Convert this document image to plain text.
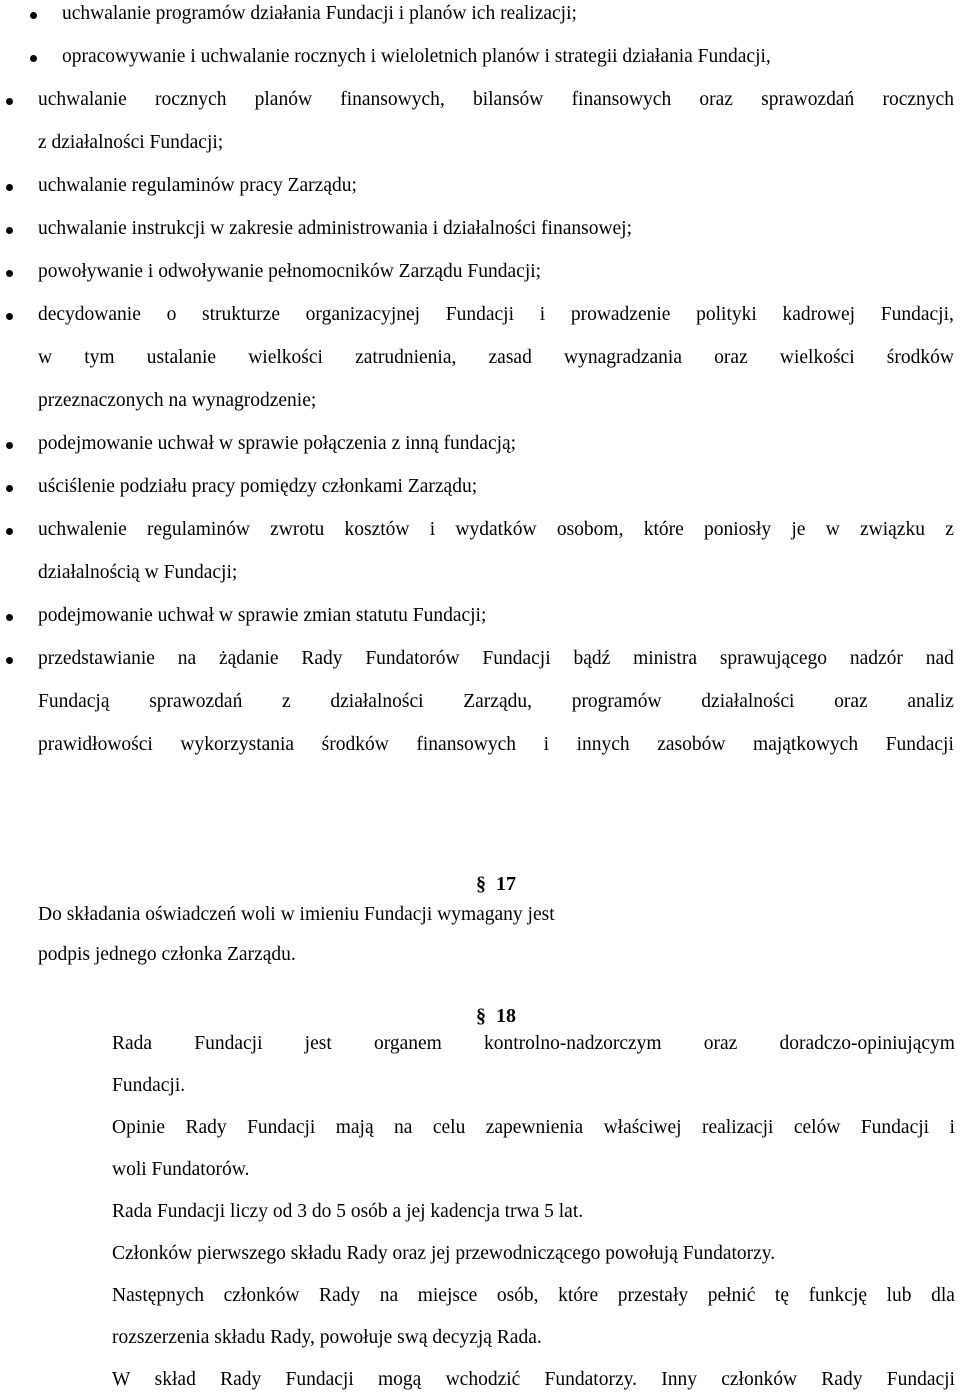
uchwalanie programów działania Fundacji i planów ich realizacji;
opracowywanie i uchwalanie rocznych i wieloletnich planów i strategii działania Fundacji,
uchwalanie rocznych planów finansowych, bilansów finansowych oraz sprawozdań rocznych
z działalności Fundacji;
uchwalanie regulaminów pracy Zarządu;
uchwalanie instrukcji w zakresie administrowania i działalności finansowej;
powoływanie i odwoływanie pełnomocników Zarządu Fundacji;
decydowanie o strukturze organizacyjnej Fundacji i prowadzenie polityki kadrowej Fundacji,
w tym ustalanie wielkości zatrudnienia, zasad wynagradzania oraz wielkości środków
przeznaczonych na wynagrodzenie;
podejmowanie uchwał w sprawie połączenia z inną fundacją;
uściślenie podziału pracy pomiędzy członkami Zarządu;
uchwalenie regulaminów zwrotu kosztów i wydatków osobom, które poniosły je w związku z
działalnością w Fundacji;
podejmowanie uchwał w sprawie zmian statutu Fundacji;
przedstawianie na żądanie Rady Fundatorów Fundacji bądź ministra sprawującego nadzór nad
Fundacją sprawozdań z działalności Zarządu, programów działalności oraz analiz
prawidłowości wykorzystania środków finansowych i innych zasobów majątkowych Fundacji
§ 17
Do składania oświadczeń woli w imieniu Fundacji wymagany jest
podpis jednego członka Zarządu.
§ 18
Rada Fundacji jest organem kontrolno-nadzorczym oraz doradczo-opiniującym
Fundacji.
Opinie Rady Fundacji mają na celu zapewnienia właściwej realizacji celów Fundacji i
woli Fundatorów.
Rada Fundacji liczy od 3 do 5 osób a jej kadencja trwa 5 lat.
Członków pierwszego składu Rady oraz jej przewodniczącego powołują Fundatorzy.
Następnych członków Rady na miejsce osób, które przestały pełnić tę funkcję lub dla
rozszerzenia składu Rady, powołuje swą decyzją Rada.
W skład Rady Fundacji mogą wchodzić Fundatorzy. Inny członków Rady Fundacji
